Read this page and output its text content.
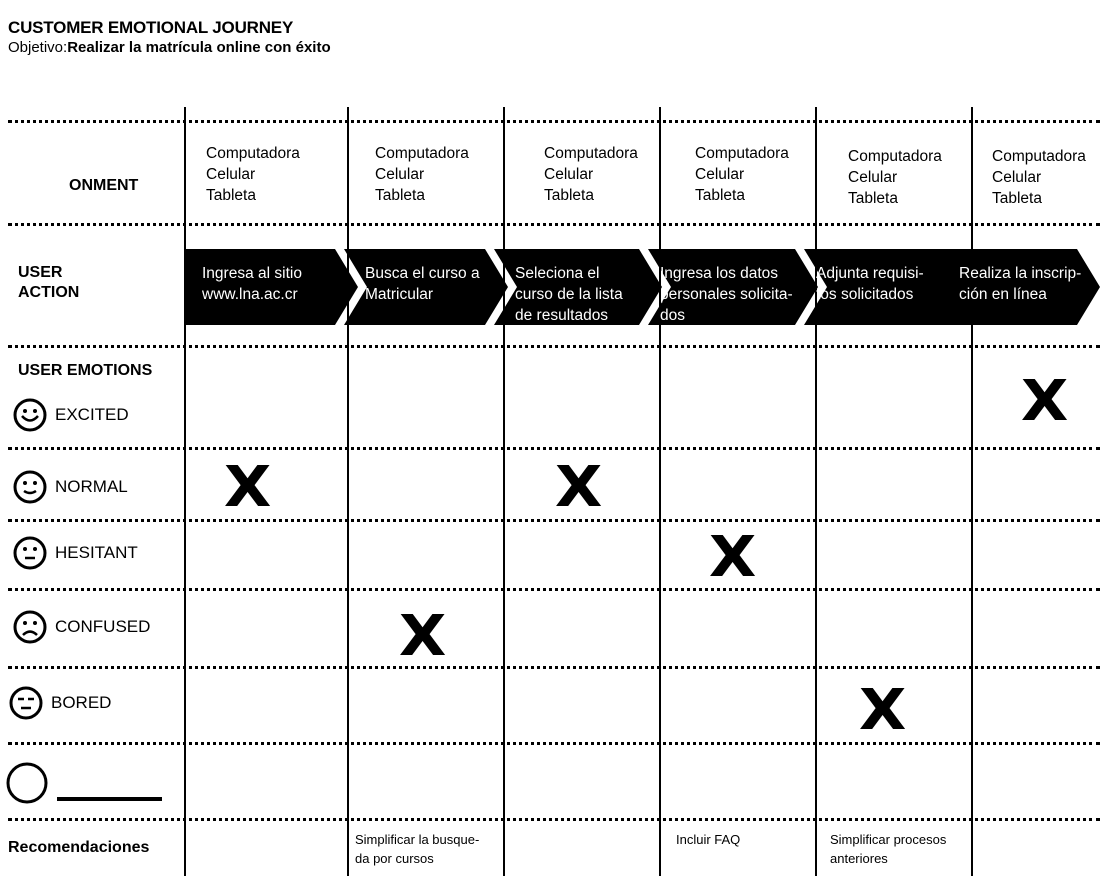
CUSTOMER EMOTIONAL JOURNEY
Objetivo:Realizar la matrícula online con éxito
ONMENT
USER
ACTION
USER EMOTIONS
Recomendaciones
Computadora
Celular
Tableta
Computadora
Celular
Tableta
Computadora
Celular
Tableta
Computadora
Celular
Tableta
Computadora
Celular
Tableta
Computadora
Celular
Tableta
Ingresa al sitio
www.lna.ac.cr
Busca el curso a
Matricular
Seleciona el
curso de la lista
de resultados
Ingresa los datos
personales solicita-
dos
Adjunta requisi-
tos solicitados
Realiza la inscrip-
ción en línea
EXCITED
NORMAL
HESITANT
CONFUSED
BORED
X
X
X
X
X
X
Simplificar la busque-
da por cursos
Incluir FAQ	Simplificar procesos
anteriores
